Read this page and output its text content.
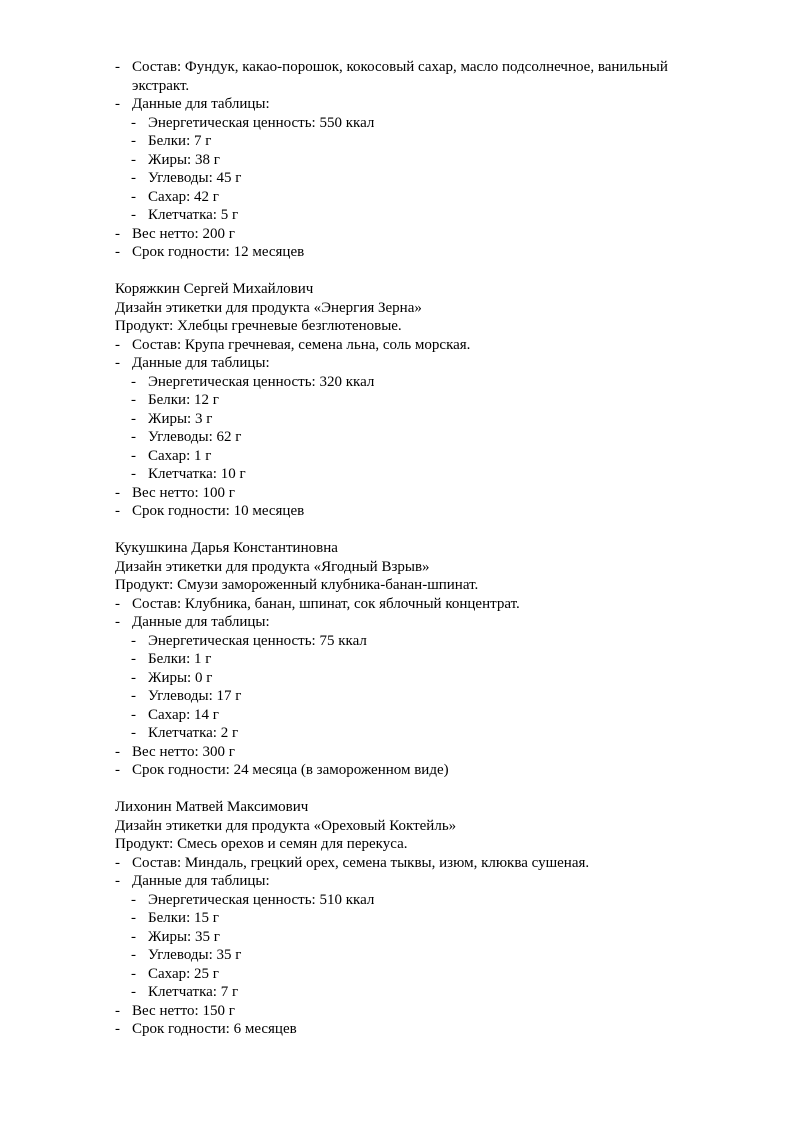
- Состав: Фундук, какао-порошок, кокосовый сахар, масло подсолнечное, ванильный экстракт.
- Данные для таблицы:
- Энергетическая ценность: 550 ккал
- Белки: 7 г
- Жиры: 38 г
- Углеводы: 45 г
- Сахар: 42 г
- Клетчатка: 5 г
- Вес нетто: 200 г
- Срок годности: 12 месяцев
Коряжкин Сергей Михайлович
Дизайн этикетки для продукта «Энергия Зерна»
Продукт: Хлебцы гречневые безглютеновые.
- Состав: Крупа гречневая, семена льна, соль морская.
- Данные для таблицы:
- Энергетическая ценность: 320 ккал
- Белки: 12 г
- Жиры: 3 г
- Углеводы: 62 г
- Сахар: 1 г
- Клетчатка: 10 г
- Вес нетто: 100 г
- Срок годности: 10 месяцев
Кукушкина Дарья Константиновна
Дизайн этикетки для продукта «Ягодный Взрыв»
Продукт: Смузи замороженный клубника-банан-шпинат.
- Состав: Клубника, банан, шпинат, сок яблочный концентрат.
- Данные для таблицы:
- Энергетическая ценность: 75 ккал
- Белки: 1 г
- Жиры: 0 г
- Углеводы: 17 г
- Сахар: 14 г
- Клетчатка: 2 г
- Вес нетто: 300 г
- Срок годности: 24 месяца (в замороженном виде)
Лихонин Матвей Максимович
Дизайн этикетки для продукта «Ореховый Коктейль»
Продукт: Смесь орехов и семян для перекуса.
- Состав: Миндаль, грецкий орех, семена тыквы, изюм, клюква сушеная.
- Данные для таблицы:
- Энергетическая ценность: 510 ккал
- Белки: 15 г
- Жиры: 35 г
- Углеводы: 35 г
- Сахар: 25 г
- Клетчатка: 7 г
- Вес нетто: 150 г
- Срок годности: 6 месяцев
